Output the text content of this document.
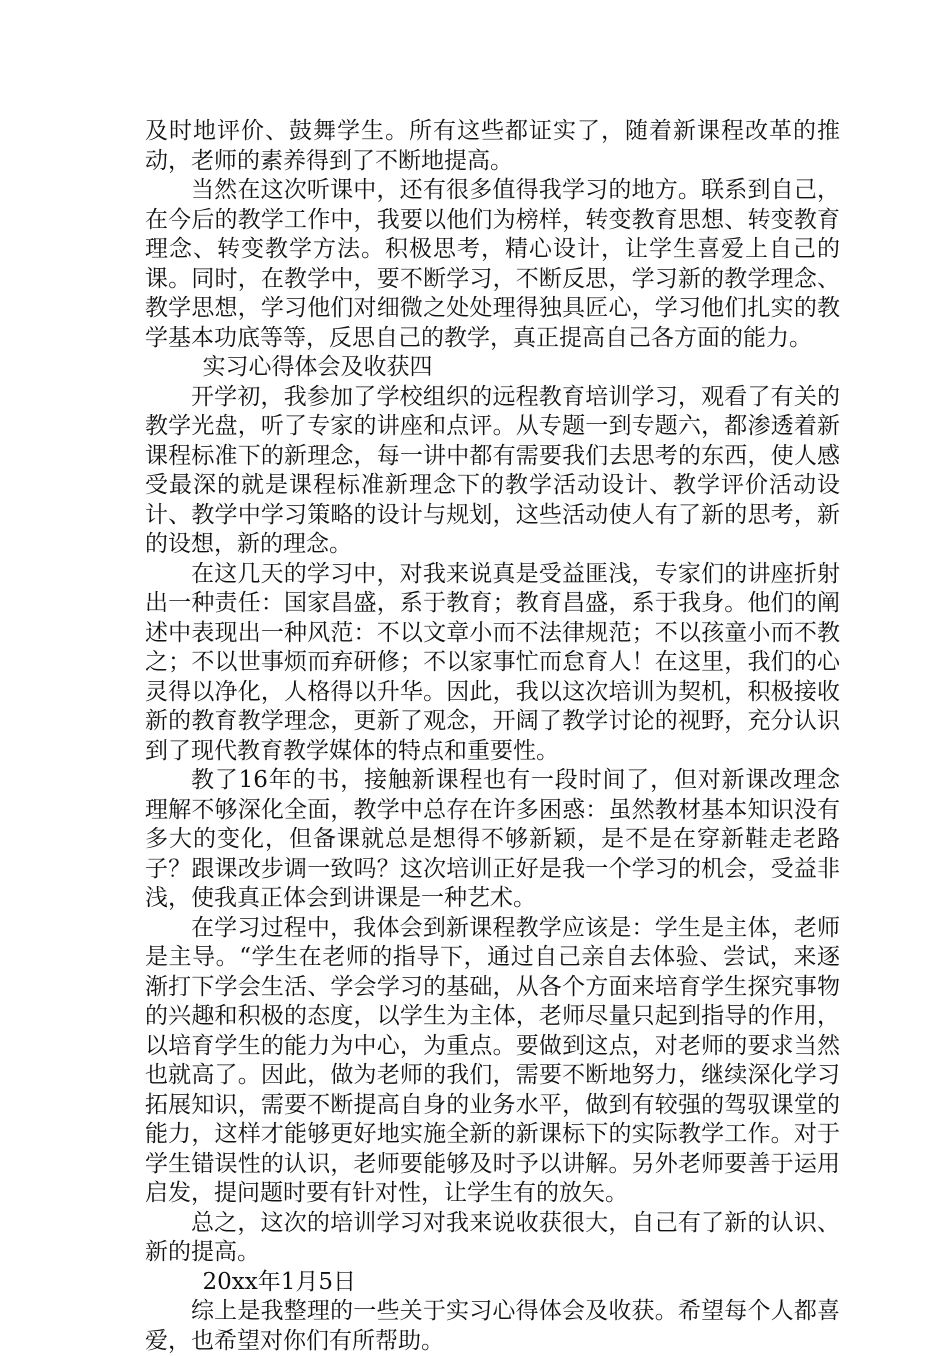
及时地评价、鼓舞学生。所有这些都证实了，随着新课程改革的推动，老师的素养得到了不断地提高。

当然在这次听课中，还有很多值得我学习的地方。联系到自己，在今后的教学工作中，我要以他们为榜样，转变教育思想、转变教育理念、转变教学方法。积极思考，精心设计，让学生喜爱上自己的课。同时，在教学中，要不断学习，不断反思，学习新的教学理念、教学思想，学习他们对细微之处处理得独具匠心，学习他们扎实的教学基本功底等等，反思自己的教学，真正提高自己各方面的能力。

实习心得体会及收获四

开学初，我参加了学校组织的远程教育培训学习，观看了有关的教学光盘，听了专家的讲座和点评。从专题一到专题六，都渗透着新课程标准下的新理念，每一讲中都有需要我们去思考的东西，使人感受最深的就是课程标准新理念下的教学活动设计、教学评价活动设计、教学中学习策略的设计与规划，这些活动使人有了新的思考，新的设想，新的理念。

在这几天的学习中，对我来说真是受益匪浅，专家们的讲座折射出一种责任：国家昌盛，系于教育；教育昌盛，系于我身。他们的阐述中表现出一种风范：不以文章小而不法律规范；不以孩童小而不教之；不以世事烦而弃研修；不以家事忙而怠育人！在这里，我们的心灵得以净化，人格得以升华。因此，我以这次培训为契机，积极接收新的教育教学理念，更新了观念，开阔了教学讨论的视野，充分认识到了现代教育教学媒体的特点和重要性。

教了16年的书，接触新课程也有一段时间了，但对新课改理念理解不够深化全面，教学中总存在许多困惑：虽然教材基本知识没有多大的变化，但备课就总是想得不够新颖，是不是在穿新鞋走老路子？跟课改步调一致吗？这次培训正好是我一个学习的机会，受益非浅，使我真正体会到讲课是一种艺术。

在学习过程中，我体会到新课程教学应该是：学生是主体，老师是主导。“学生在老师的指导下，通过自己亲自去体验、尝试，来逐渐打下学会生活、学会学习的基础，从各个方面来培育学生探究事物的兴趣和积极的态度，以学生为主体，老师尽量只起到指导的作用，以培育学生的能力为中心，为重点。要做到这点，对老师的要求当然也就高了。因此，做为老师的我们，需要不断地努力，继续深化学习拓展知识，需要不断提高自身的业务水平，做到有较强的驾驭课堂的能力，这样才能够更好地实施全新的新课标下的实际教学工作。对于学生错误性的认识，老师要能够及时予以讲解。另外老师要善于运用启发，提问题时要有针对性，让学生有的放矢。

总之，这次的培训学习对我来说收获很大，自己有了新的认识、新的提高。

20xx年1月5日

综上是我整理的一些关于实习心得体会及收获。希望每个人都喜爱，也希望对你们有所帮助。
